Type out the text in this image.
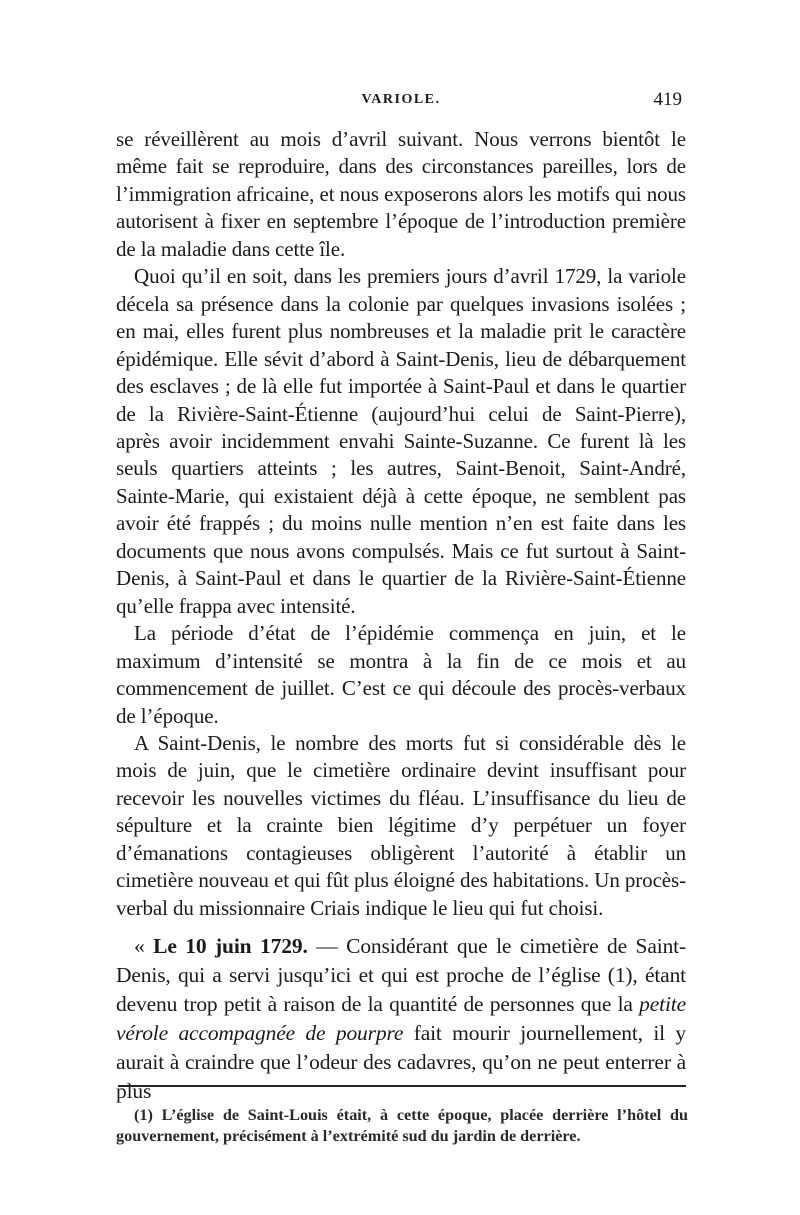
VARIOLE.	419

se réveillèrent au mois d’avril suivant. Nous verrons bientôt le même fait se reproduire, dans des circonstances pareilles, lors de l’immigration africaine, et nous exposerons alors les motifs qui nous autorisent à fixer en septembre l’époque de l’introduction première de la maladie dans cette île.

Quoi qu’il en soit, dans les premiers jours d’avril 1729, la variole décela sa présence dans la colonie par quelques invasions isolées ; en mai, elles furent plus nombreuses et la maladie prit le caractère épidémique. Elle sévit d’abord à Saint-Denis, lieu de débarquement des esclaves ; de là elle fut importée à Saint-Paul et dans le quartier de la Rivière-Saint-Étienne (aujourd’hui celui de Saint-Pierre), après avoir incidemment envahi Sainte-Suzanne. Ce furent là les seuls quartiers atteints ; les autres, Saint-Benoit, Saint-André, Sainte-Marie, qui existaient déjà à cette époque, ne semblent pas avoir été frappés ; du moins nulle mention n’en est faite dans les documents que nous avons compulsés. Mais ce fut surtout à Saint-Denis, à Saint-Paul et dans le quartier de la Rivière-Saint-Étienne qu’elle frappa avec intensité.

La période d’état de l’épidémie commença en juin, et le maximum d’intensité se montra à la fin de ce mois et au commencement de juillet. C’est ce qui découle des procès-verbaux de l’époque.

A Saint-Denis, le nombre des morts fut si considérable dès le mois de juin, que le cimetière ordinaire devint insuffisant pour recevoir les nouvelles victimes du fléau. L’insuffisance du lieu de sépulture et la crainte bien légitime d’y perpétuer un foyer d’émanations contagieuses obligèrent l’autorité à établir un cimetière nouveau et qui fût plus éloigné des habitations. Un procès-verbal du missionnaire Criais indique le lieu qui fut choisi.

« Le 10 juin 1729. — Considérant que le cimetière de Saint-Denis, qui a servi jusqu’ici et qui est proche de l’église (1), étant devenu trop petit à raison de la quantité de personnes que la petite vérole accompagnée de pourpre fait mourir journellement, il y aurait à craindre que l’odeur des cadavres, qu’on ne peut enterrer à plus

(1) L’église de Saint-Louis était, à cette époque, placée derrière l’hôtel du gouvernement, précisément à l’extrémité sud du jardin de derrière.
